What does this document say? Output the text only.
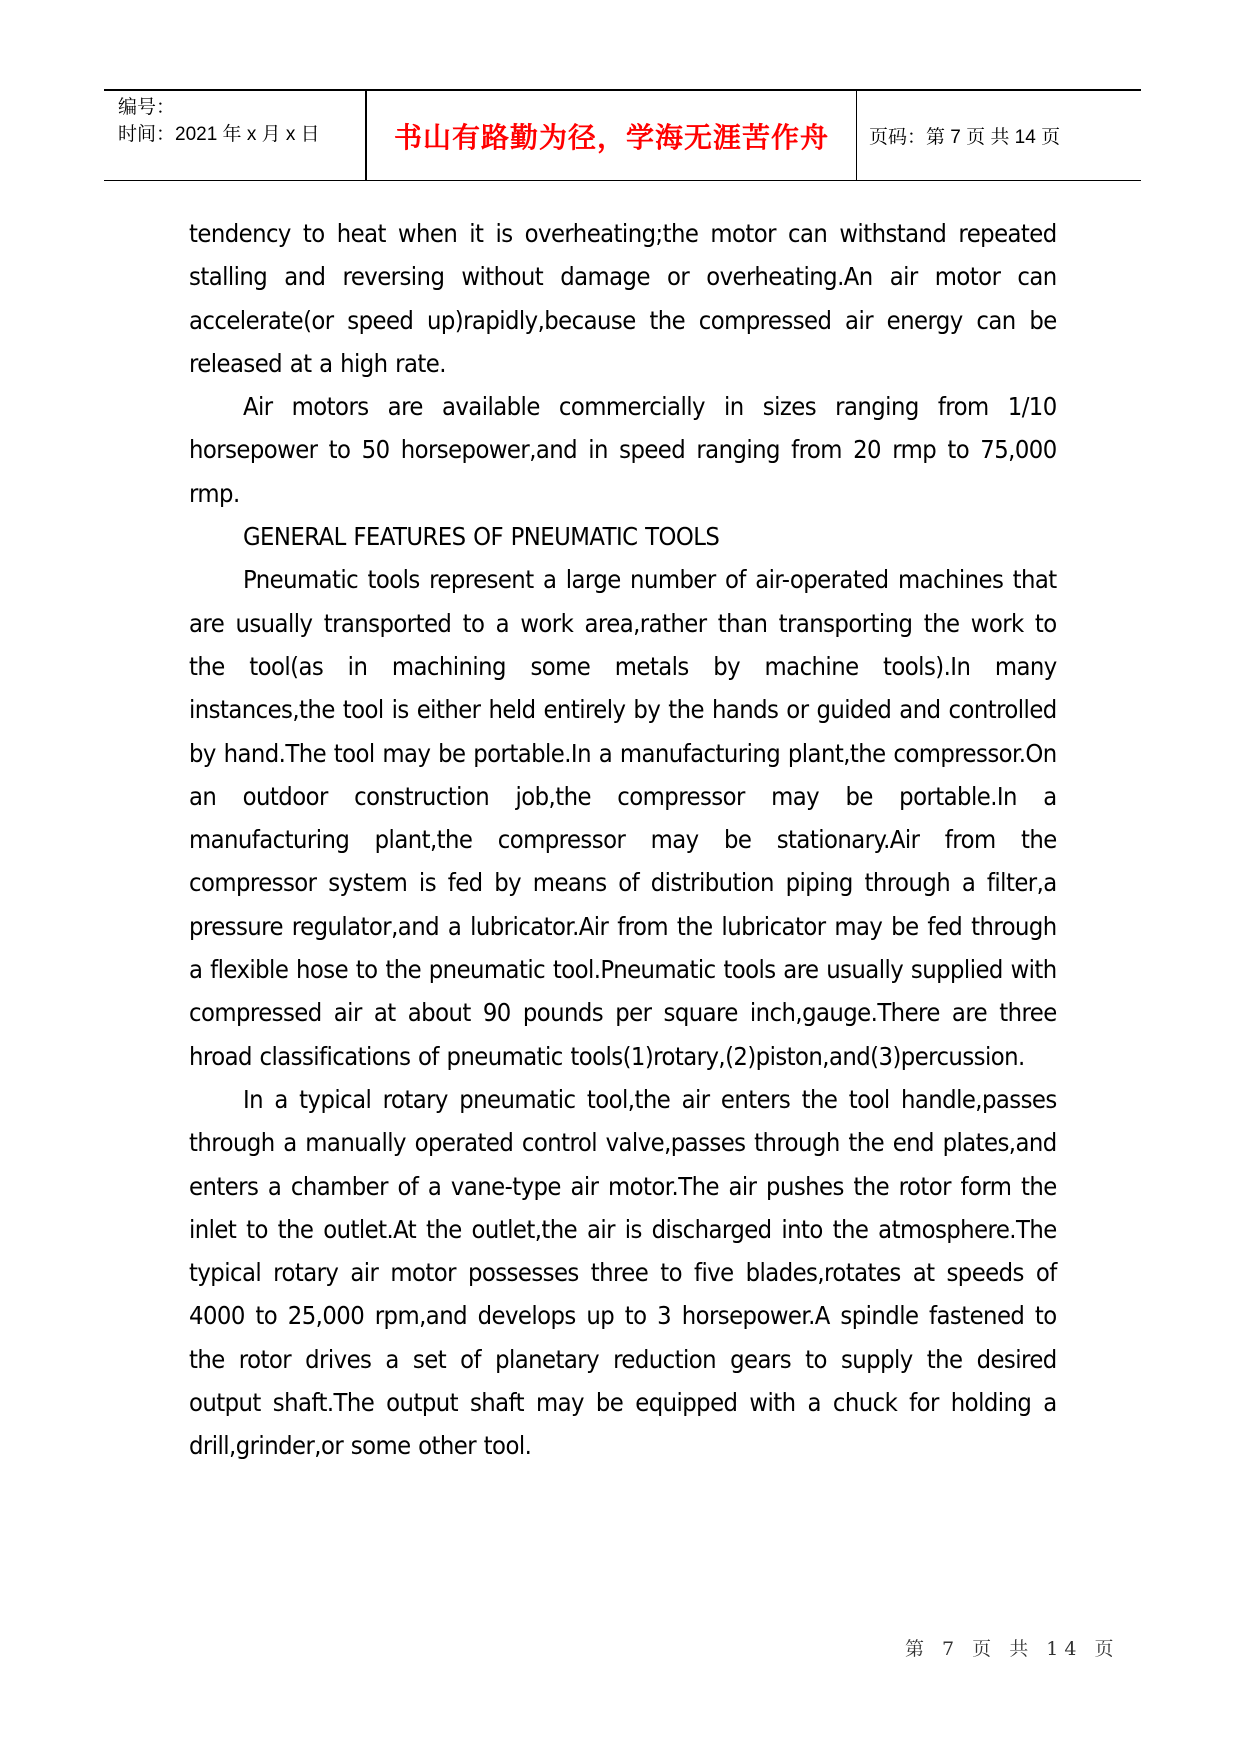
编号：
时间：2021 年 x 月 x 日	书山有路勤为径，学海无涯苦作舟 页码：第 7 页 共 14 页

tendency to heat when it is overheating;the motor can withstand repeated stalling and reversing without damage or overheating.An air motor can accelerate(or speed up)rapidly,because the compressed air energy can be released at a high rate.

Air motors are available commercially in sizes ranging from 1/10 horsepower to 50 horsepower,and in speed ranging from 20 rmp to 75,000 rmp.

GENERAL FEATURES OF PNEUMATIC TOOLS

Pneumatic tools represent a large number of air-operated machines that are usually transported to a work area,rather than transporting the work to the tool(as in machining some metals by machine tools).In many instances,the tool is either held entirely by the hands or guided and controlled by hand.The tool may be portable.In a manufacturing plant,the compressor.On an outdoor construction job,the compressor may be portable.In a manufacturing plant,the compressor may be stationary.Air from the compressor system is fed by means of distribution piping through a filter,a pressure regulator,and a lubricator.Air from the lubricator may be fed through a flexible hose to the pneumatic tool.Pneumatic tools are usually supplied with compressed air at about 90 pounds per square inch,gauge.There are three hroad classifications of pneumatic tools(1)rotary,(2)piston,and(3)percussion.

In a typical rotary pneumatic tool,the air enters the tool handle,passes through a manually operated control valve,passes through the end plates,and enters a chamber of a vane-type air motor.The air pushes the rotor form the inlet to the outlet.At the outlet,the air is discharged into the atmosphere.The typical rotary air motor possesses three to five blades,rotates at speeds of 4000 to 25,000 rpm,and develops up to 3 horsepower.A spindle fastened to the rotor drives a set of planetary reduction gears to supply the desired output shaft.The output shaft may be equipped with a chuck for holding a drill,grinder,or some other tool.

第 7 页 共 14 页
